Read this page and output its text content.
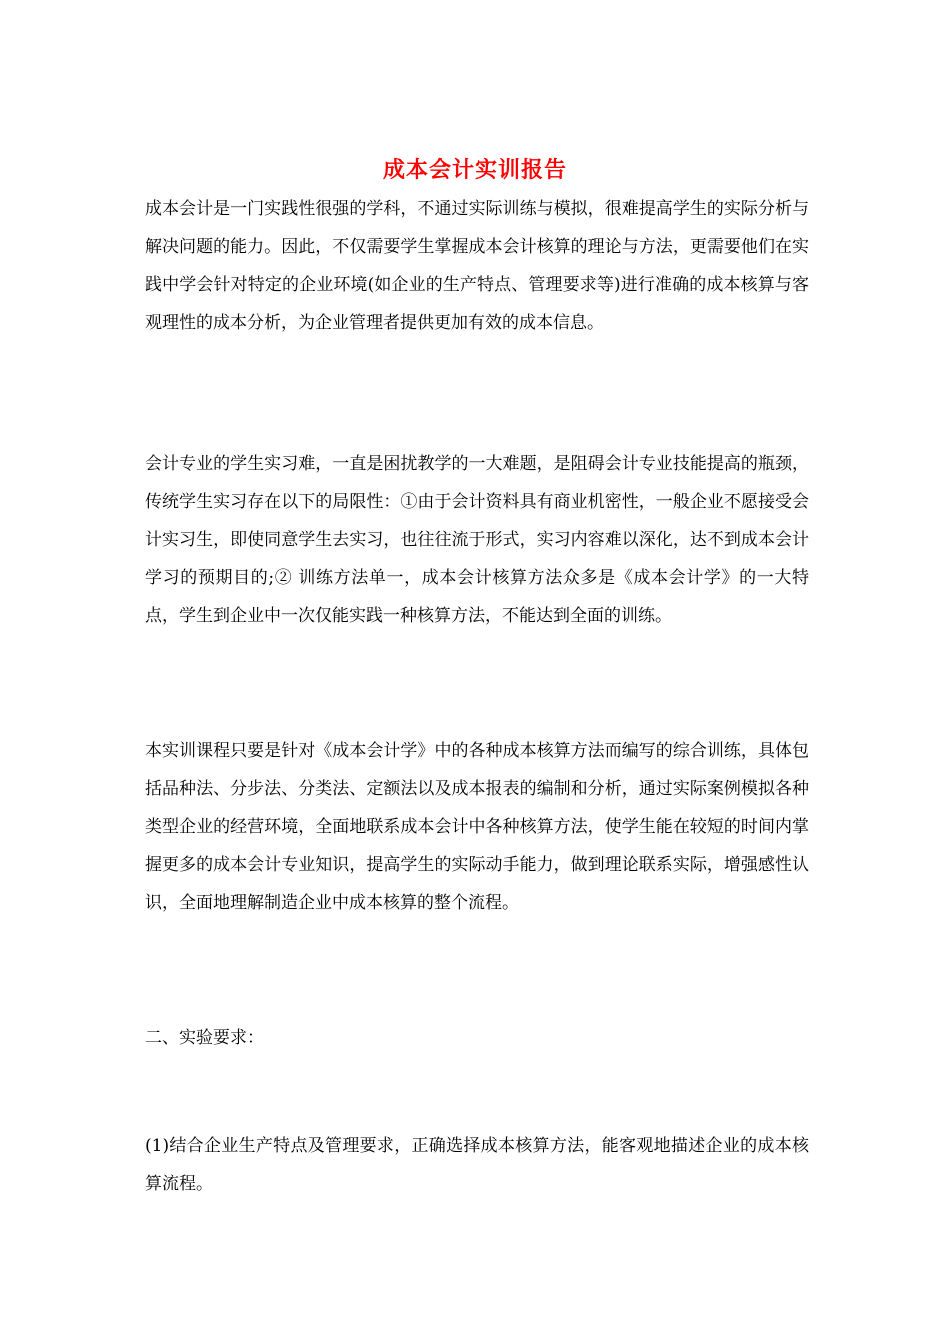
成本会计实训报告
成本会计是一门实践性很强的学科，不通过实际训练与模拟，很难提高学生的实际分析与解决问题的能力。因此，不仅需要学生掌握成本会计核算的理论与方法，更需要他们在实践中学会针对特定的企业环境(如企业的生产特点、管理要求等)进行准确的成本核算与客观理性的成本分析，为企业管理者提供更加有效的成本信息。
会计专业的学生实习难，一直是困扰教学的一大难题，是阻碍会计专业技能提高的瓶颈，传统学生实习存在以下的局限性：①由于会计资料具有商业机密性，一般企业不愿接受会计实习生，即使同意学生去实习，也往往流于形式，实习内容难以深化，达不到成本会计学习的预期目的;② 训练方法单一，成本会计核算方法众多是《成本会计学》的一大特点，学生到企业中一次仅能实践一种核算方法，不能达到全面的训练。
本实训课程只要是针对《成本会计学》中的各种成本核算方法而编写的综合训练，具体包括品种法、分步法、分类法、定额法以及成本报表的编制和分析，通过实际案例模拟各种类型企业的经营环境，全面地联系成本会计中各种核算方法，使学生能在较短的时间内掌握更多的成本会计专业知识，提高学生的实际动手能力，做到理论联系实际，增强感性认识，全面地理解制造企业中成本核算的整个流程。
二、实验要求：
(1)结合企业生产特点及管理要求，正确选择成本核算方法，能客观地描述企业的成本核算流程。
